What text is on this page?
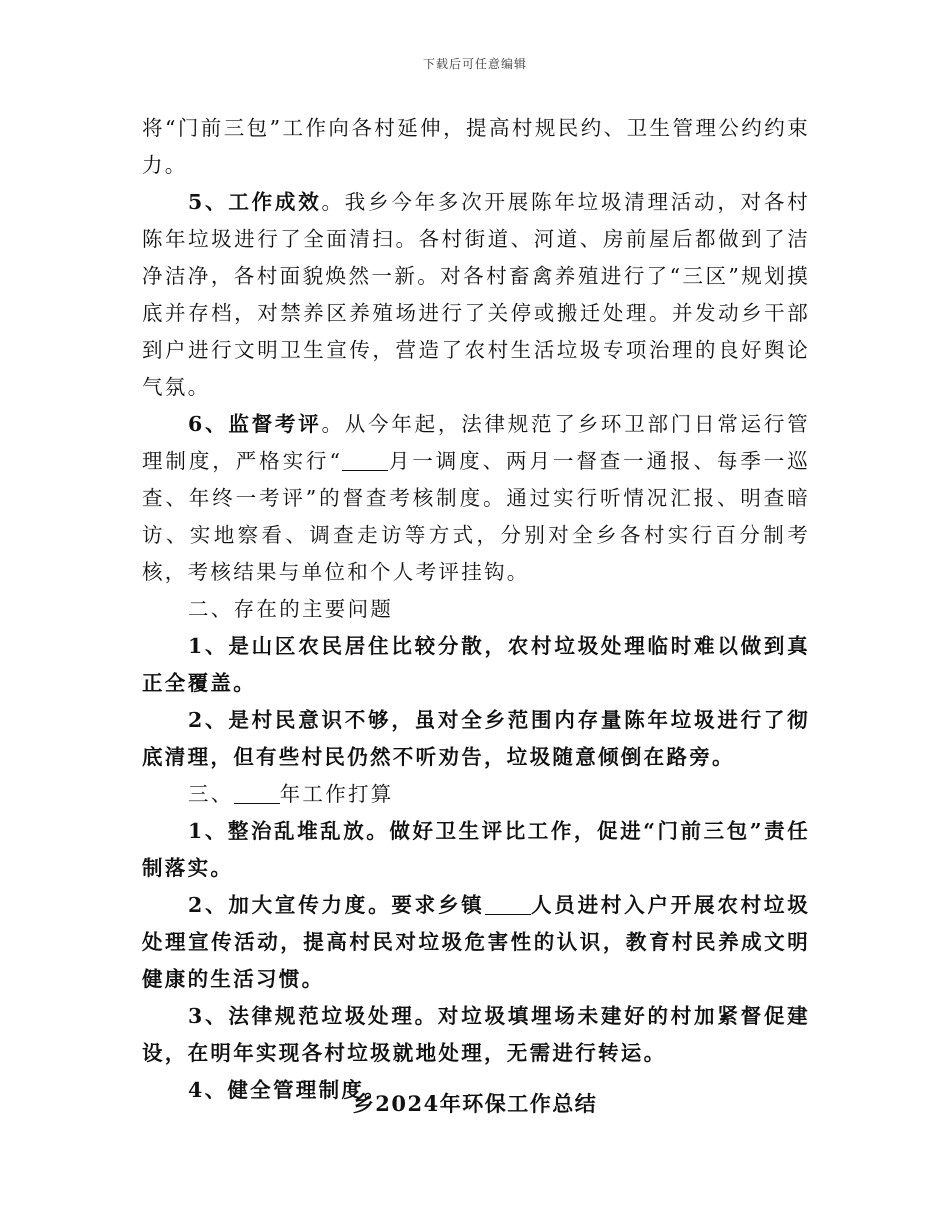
下载后可任意编辑

将“门前三包”工作向各村延伸，提高村规民约、卫生管理公约约束力。

5、工作成效。我乡今年多次开展陈年垃圾清理活动，对各村陈年垃圾进行了全面清扫。各村街道、河道、房前屋后都做到了洁净洁净，各村面貌焕然一新。对各村畜禽养殖进行了“三区”规划摸底并存档，对禁养区养殖场进行了关停或搬迁处理。并发动乡干部到户进行文明卫生宣传，营造了农村生活垃圾专项治理的良好舆论气氛。

6、监督考评。从今年起，法律规范了乡环卫部门日常运行管理制度，严格实行“ 月一调度、两月一督查一通报、每季一巡查、年终一考评”的督查考核制度。通过实行听情况汇报、明查暗访、实地察看、调查走访等方式，分别对全乡各村实行百分制考核，考核结果与单位和个人考评挂钩。

二、存在的主要问题

1、是山区农民居住比较分散，农村垃圾处理临时难以做到真正全覆盖。

2、是村民意识不够，虽对全乡范围内存量陈年垃圾进行了彻底清理，但有些村民仍然不听劝告，垃圾随意倾倒在路旁。

三、 年工作打算

1、整治乱堆乱放。做好卫生评比工作，促进“门前三包”责任制落实。

2、加大宣传力度。要求乡镇 人员进村入户开展农村垃圾处理宣传活动，提高村民对垃圾危害性的认识，教育村民养成文明健康的生活习惯。

3、法律规范垃圾处理。对垃圾填埋场未建好的村加紧督促建设，在明年实现各村垃圾就地处理，无需进行转运。

4、健全管理制度。

乡2024年环保工作总结
